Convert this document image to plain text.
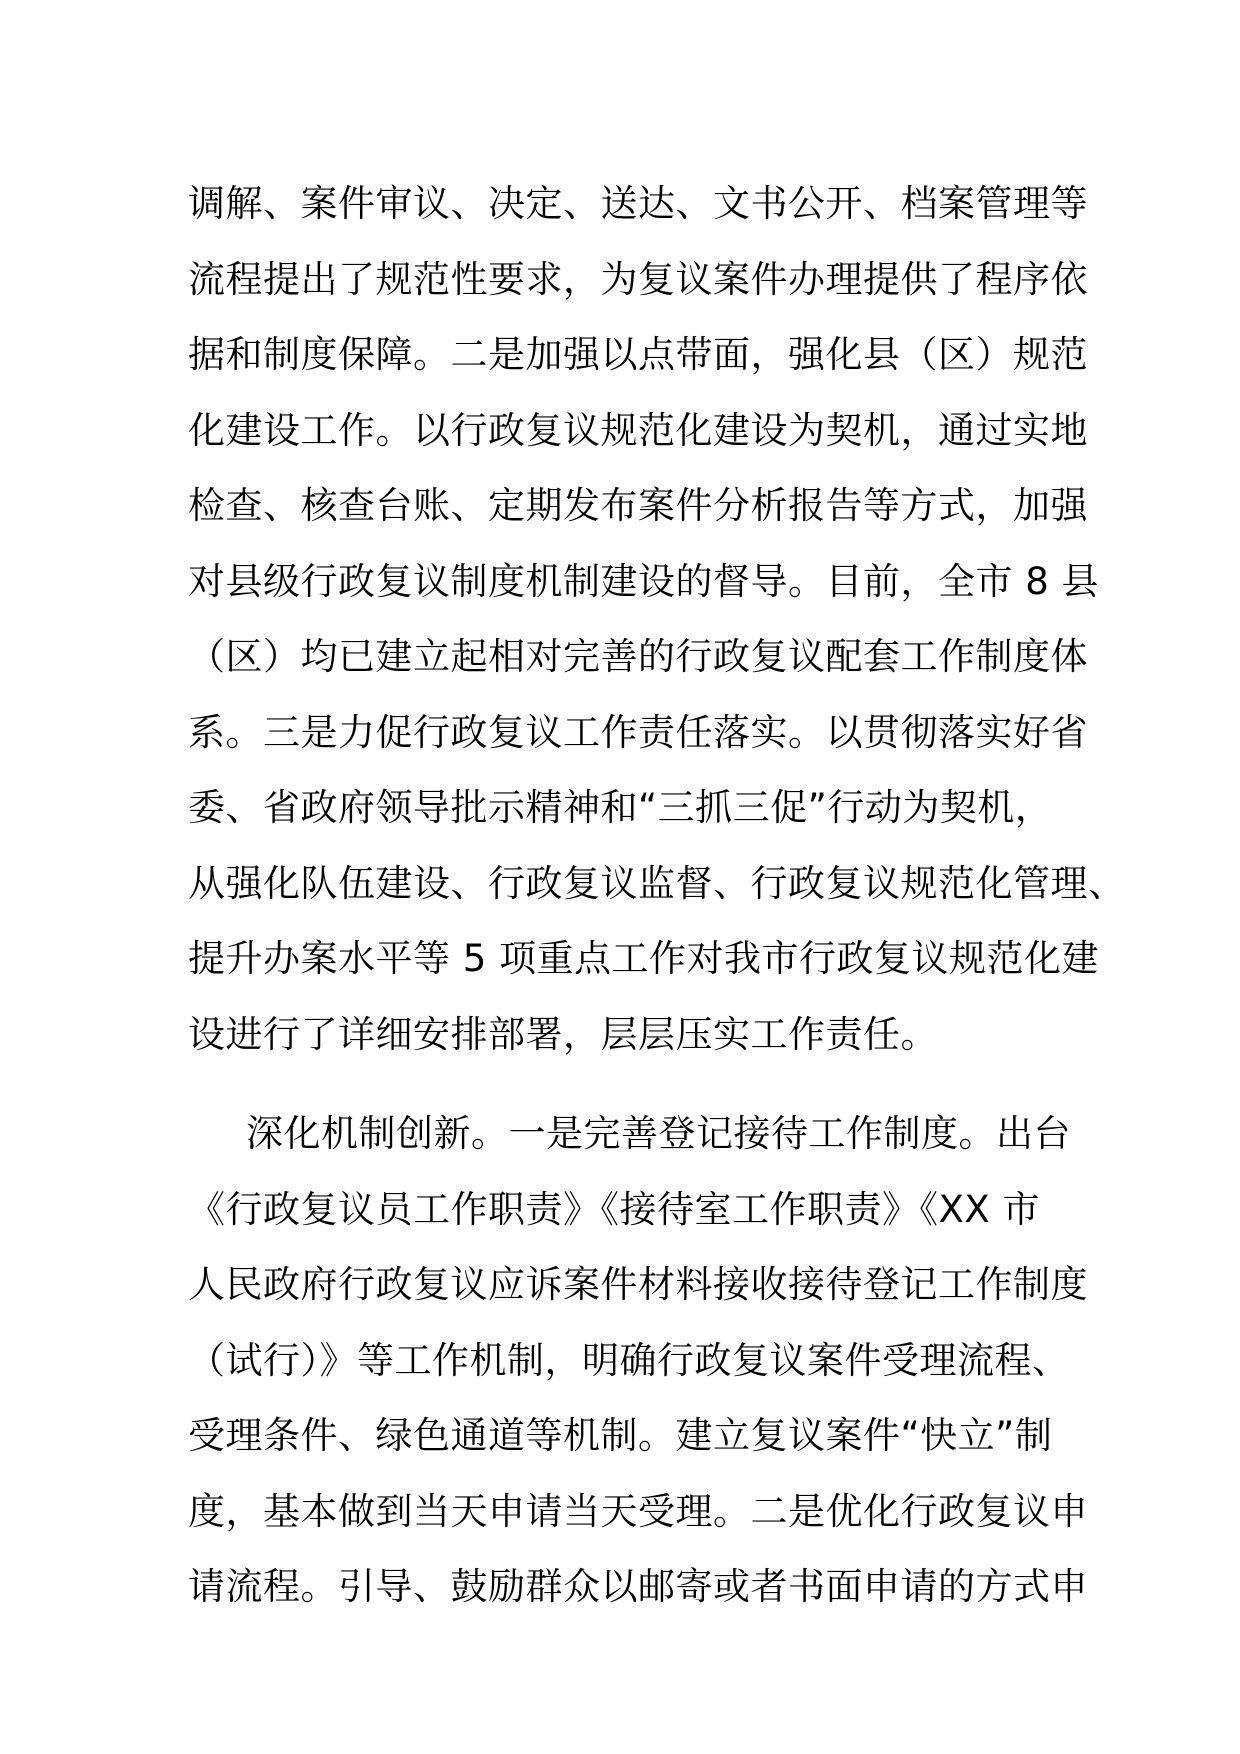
调解、案件审议、决定、送达、文书公开、档案管理等
流程提出了规范性要求，为复议案件办理提供了程序依
据和制度保障。二是加强以点带面，强化县（区）规范
化建设工作。以行政复议规范化建设为契机，通过实地
检查、核查台账、定期发布案件分析报告等方式，加强
对县级行政复议制度机制建设的督导。目前，全市 8 县
（区）均已建立起相对完善的行政复议配套工作制度体
系。三是力促行政复议工作责任落实。以贯彻落实好省
委、省政府领导批示精神和“三抓三促”行动为契机，
从强化队伍建设、行政复议监督、行政复议规范化管理、
提升办案水平等 5 项重点工作对我市行政复议规范化建
设进行了详细安排部署，层层压实工作责任。
深化机制创新。一是完善登记接待工作制度。出台
《行政复议员工作职责》《接待室工作职责》《XX 市
人民政府行政复议应诉案件材料接收接待登记工作制度
（试行）》等工作机制，明确行政复议案件受理流程、
受理条件、绿色通道等机制。建立复议案件“快立”制
度，基本做到当天申请当天受理。二是优化行政复议申
请流程。引导、鼓励群众以邮寄或者书面申请的方式申
